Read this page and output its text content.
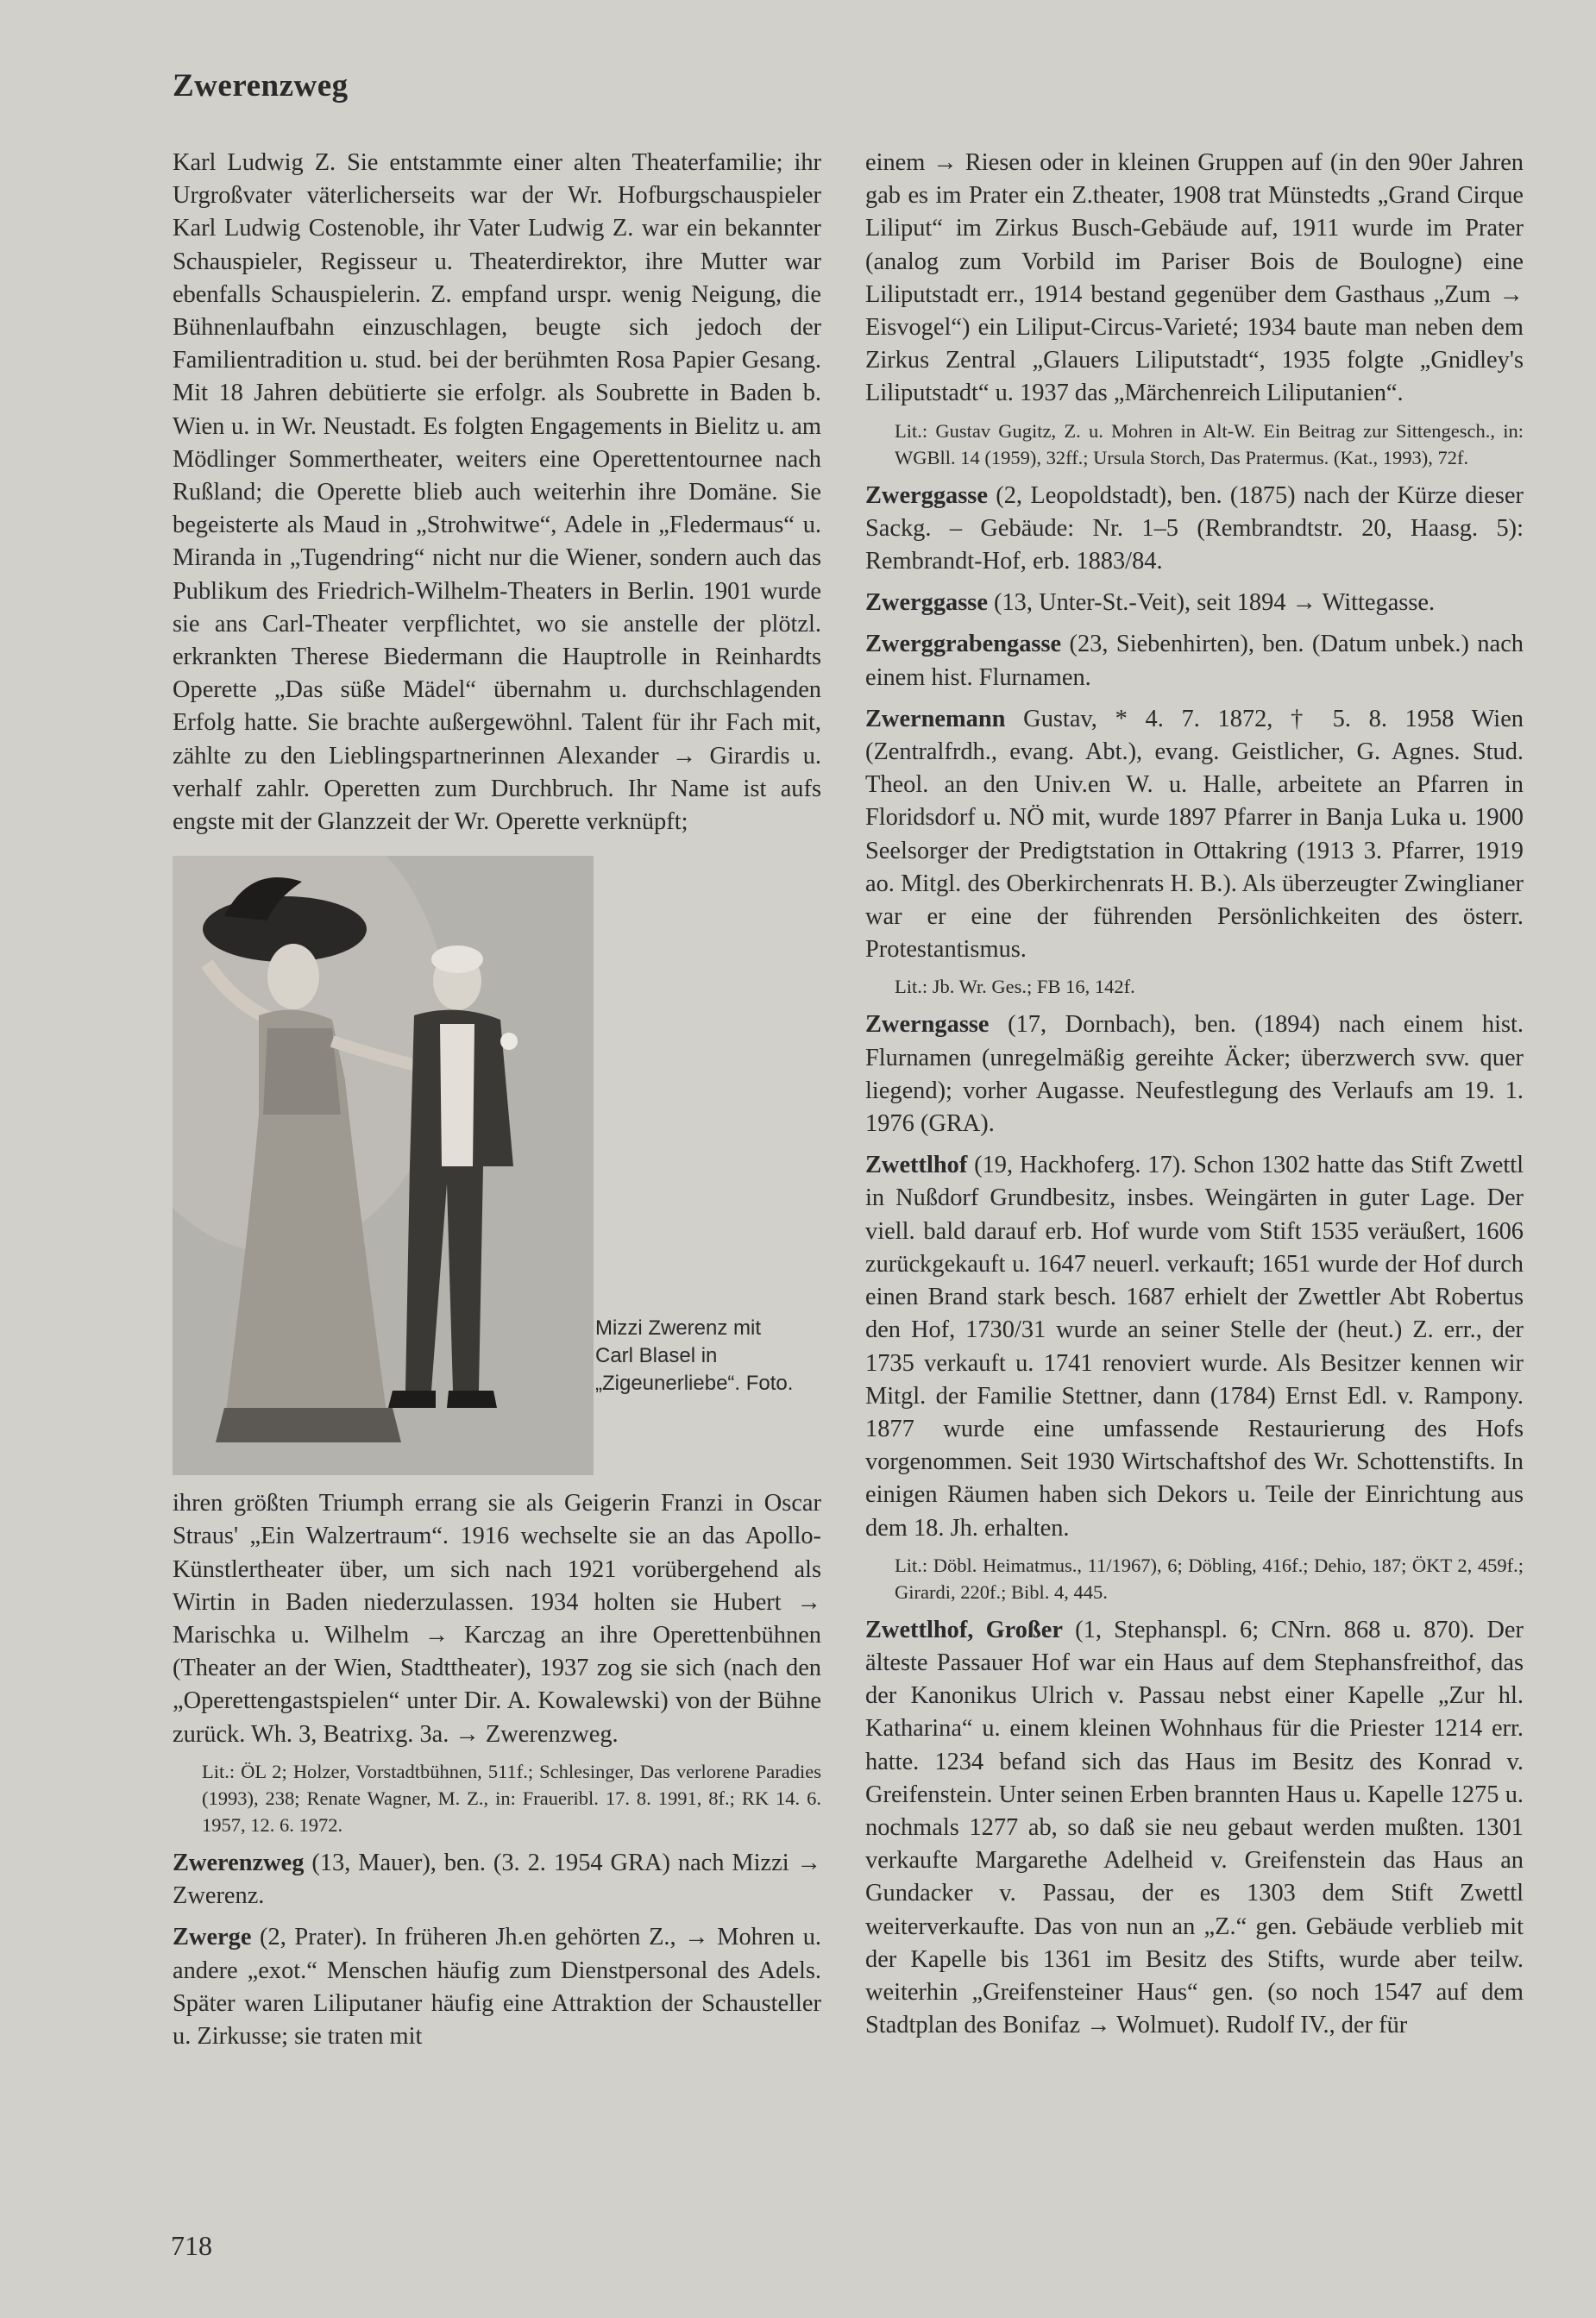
Zwerenzweg

Karl Ludwig Z. Sie entstammte einer alten Theaterfamilie; ihr Urgroßvater väterlicherseits war der Wr. Hofburgschauspieler Karl Ludwig Costenoble, ihr Vater Ludwig Z. war ein bekannter Schauspieler, Regisseur u. Theaterdirektor, ihre Mutter war ebenfalls Schauspielerin. Z. empfand urspr. wenig Neigung, die Bühnenlaufbahn einzuschlagen, beugte sich jedoch der Familientradition u. stud. bei der berühmten Rosa Papier Gesang. Mit 18 Jahren debütierte sie erfolgr. als Soubrette in Baden b. Wien u. in Wr. Neustadt. Es folgten Engagements in Bielitz u. am Mödlinger Sommertheater, weiters eine Operettentournee nach Rußland; die Operette blieb auch weiterhin ihre Domäne. Sie begeisterte als Maud in „Strohwitwe“, Adele in „Fledermaus“ u. Miranda in „Tugendring“ nicht nur die Wiener, sondern auch das Publikum des Friedrich-Wilhelm-Theaters in Berlin. 1901 wurde sie ans Carl-Theater verpflichtet, wo sie anstelle der plötzl. erkrankten Therese Biedermann die Hauptrolle in Reinhardts Operette „Das süße Mädel“ übernahm u. durchschlagenden Erfolg hatte. Sie brachte außergewöhnl. Talent für ihr Fach mit, zählte zu den Lieblingspartnerinnen Alexander → Girardis u. verhalf zahlr. Operetten zum Durchbruch. Ihr Name ist aufs engste mit der Glanzzeit der Wr. Operette verknüpft;

Mizzi Zwerenz mit
Carl Blasel in
„Zigeunerliebe“. Foto.

ihren größten Triumph errang sie als Geigerin Franzi in Oscar Straus' „Ein Walzertraum“. 1916 wechselte sie an das Apollo-Künstlertheater über, um sich nach 1921 vorübergehend als Wirtin in Baden niederzulassen. 1934 holten sie Hubert → Marischka u. Wilhelm → Karczag an ihre Operettenbühnen (Theater an der Wien, Stadttheater), 1937 zog sie sich (nach den „Operettengastspielen“ unter Dir. A. Kowalewski) von der Bühne zurück. Wh. 3, Beatrixg. 3a. → Zwerenzweg.

Lit.: ÖL 2; Holzer, Vorstadtbühnen, 511f.; Schlesinger, Das verlorene Paradies (1993), 238; Renate Wagner, M. Z., in: Fraueribl. 17. 8. 1991, 8f.; RK 14. 6. 1957, 12. 6. 1972.

Zwerenzweg (13, Mauer), ben. (3. 2. 1954 GRA) nach Mizzi → Zwerenz.

Zwerge (2, Prater). In früheren Jh.en gehörten Z., → Mohren u. andere „exot.“ Menschen häufig zum Dienstpersonal des Adels. Später waren Liliputaner häufig eine Attraktion der Schausteller u. Zirkusse; sie traten mit

einem → Riesen oder in kleinen Gruppen auf (in den 90er Jahren gab es im Prater ein Z.theater, 1908 trat Münstedts „Grand Cirque Liliput“ im Zirkus Busch-Gebäude auf, 1911 wurde im Prater (analog zum Vorbild im Pariser Bois de Boulogne) eine Liliputstadt err., 1914 bestand gegenüber dem Gasthaus „Zum → Eisvogel“) ein Liliput-Circus-Varieté; 1934 baute man neben dem Zirkus Zentral „Glauers Liliputstadt“, 1935 folgte „Gnidley's Liliputstadt“ u. 1937 das „Märchenreich Liliputanien“.

Lit.: Gustav Gugitz, Z. u. Mohren in Alt-W. Ein Beitrag zur Sittengesch., in: WGBll. 14 (1959), 32ff.; Ursula Storch, Das Pratermus. (Kat., 1993), 72f.

Zwerggasse (2, Leopoldstadt), ben. (1875) nach der Kürze dieser Sackg. – Gebäude: Nr. 1–5 (Rembrandtstr. 20, Haasg. 5): Rembrandt-Hof, erb. 1883/84.

Zwerggasse (13, Unter-St.-Veit), seit 1894 → Wittegasse.

Zwerggrabengasse (23, Siebenhirten), ben. (Datum unbek.) nach einem hist. Flurnamen.

Zwernemann Gustav, * 4. 7. 1872, † 5. 8. 1958 Wien (Zentralfrdh., evang. Abt.), evang. Geistlicher, G. Agnes. Stud. Theol. an den Univ.en W. u. Halle, arbeitete an Pfarren in Floridsdorf u. NÖ mit, wurde 1897 Pfarrer in Banja Luka u. 1900 Seelsorger der Predigtstation in Ottakring (1913 3. Pfarrer, 1919 ao. Mitgl. des Oberkirchenrats H. B.). Als überzeugter Zwinglianer war er eine der führenden Persönlichkeiten des österr. Protestantismus.

Lit.: Jb. Wr. Ges.; FB 16, 142f.

Zwerngasse (17, Dornbach), ben. (1894) nach einem hist. Flurnamen (unregelmäßig gereihte Äcker; überzwerch svw. quer liegend); vorher Augasse. Neufestlegung des Verlaufs am 19. 1. 1976 (GRA).

Zwettlhof (19, Hackhoferg. 17). Schon 1302 hatte das Stift Zwettl in Nußdorf Grundbesitz, insbes. Weingärten in guter Lage. Der viell. bald darauf erb. Hof wurde vom Stift 1535 veräußert, 1606 zurückgekauft u. 1647 neuerl. verkauft; 1651 wurde der Hof durch einen Brand stark besch. 1687 erhielt der Zwettler Abt Robertus den Hof, 1730/31 wurde an seiner Stelle der (heut.) Z. err., der 1735 verkauft u. 1741 renoviert wurde. Als Besitzer kennen wir Mitgl. der Familie Stettner, dann (1784) Ernst Edl. v. Rampony. 1877 wurde eine umfassende Restaurierung des Hofs vorgenommen. Seit 1930 Wirtschaftshof des Wr. Schottenstifts. In einigen Räumen haben sich Dekors u. Teile der Einrichtung aus dem 18. Jh. erhalten.

Lit.: Döbl. Heimatmus., 11/1967), 6; Döbling, 416f.; Dehio, 187; ÖKT 2, 459f.; Girardi, 220f.; Bibl. 4, 445.

Zwettlhof, Großer (1, Stephanspl. 6; CNrn. 868 u. 870). Der älteste Passauer Hof war ein Haus auf dem Stephansfreithof, das der Kanonikus Ulrich v. Passau nebst einer Kapelle „Zur hl. Katharina“ u. einem kleinen Wohnhaus für die Priester 1214 err. hatte. 1234 befand sich das Haus im Besitz des Konrad v. Greifenstein. Unter seinen Erben brannten Haus u. Kapelle 1275 u. nochmals 1277 ab, so daß sie neu gebaut werden mußten. 1301 verkaufte Margarethe Adelheid v. Greifenstein das Haus an Gundacker v. Passau, der es 1303 dem Stift Zwettl weiterverkaufte. Das von nun an „Z.“ gen. Gebäude verblieb mit der Kapelle bis 1361 im Besitz des Stifts, wurde aber teilw. weiterhin „Greifensteiner Haus“ gen. (so noch 1547 auf dem Stadtplan des Bonifaz → Wolmuet). Rudolf IV., der für

718
